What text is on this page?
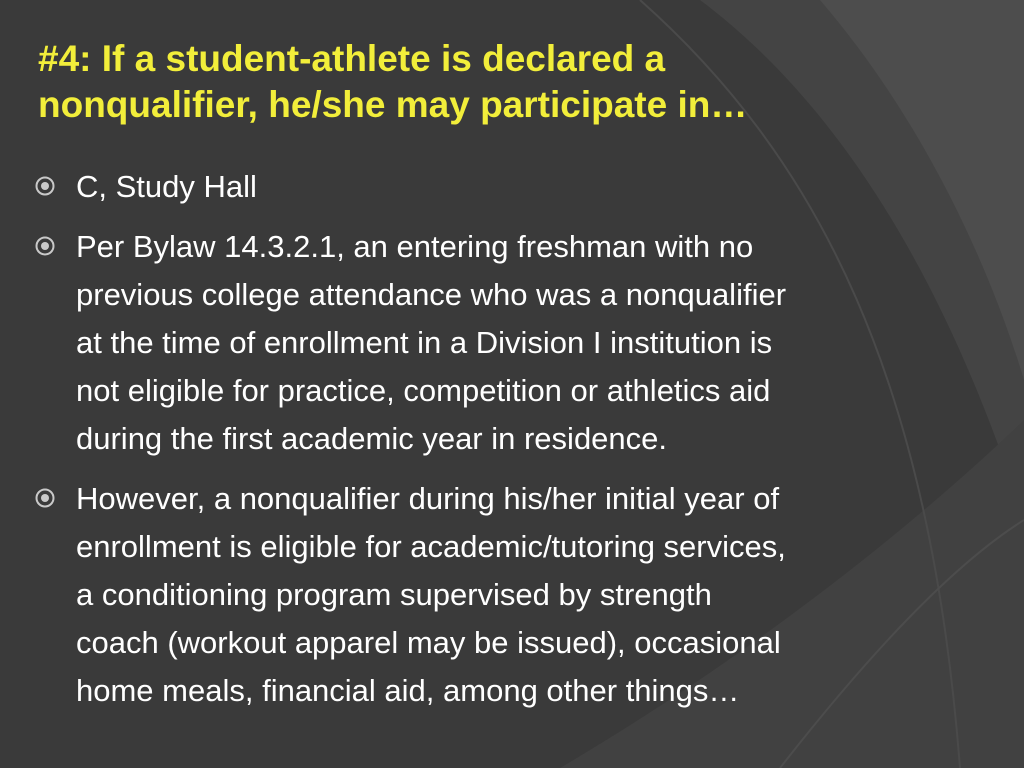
#4: If a student-athlete is declared a
nonqualifier, he/she may participate in…
C, Study Hall
Per Bylaw 14.3.2.1, an entering freshman with no
previous college attendance who was a nonqualifier
at the time of enrollment in a Division I institution is
not eligible for practice, competition or athletics aid
during the first academic year in residence.
However, a nonqualifier during his/her initial year of
enrollment is eligible for academic/tutoring services,
a conditioning program supervised by strength
coach (workout apparel may be issued), occasional
home meals, financial aid, among other things…
